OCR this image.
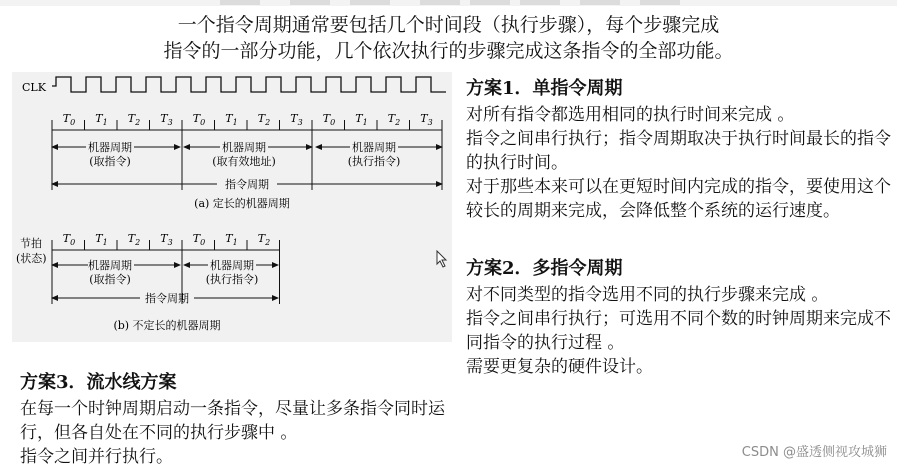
一个指令周期通常要包括几个时间段（执行步骤），每个步骤完成
指令的一部分功能，几个依次执行的步骤完成这条指令的全部功能。
CLK
$T_0$ $T_1$ $T_2$ $T_3$ $T_0$ $T_1$ $T_2$ $T_3$ $T_0$ $T_1$ $T_2$ $T_3$
机器周期
(取指令)
机器周期
(取有效地址)
机器周期
(执行指令)
指令周期
(a) 定长的机器周期
节拍
(状态)
$T_0$ $T_1$ $T_2$ $T_3$ $T_0$ $T_1$ $T_2$
机器周期
(取指令)
机器周期
(执行指令)
指令周期
(b) 不定长的机器周期
方案1．单指令周期

对所有指令都选用相同的执行时间来完成 。

指令之间串行执行；指令周期取决于执行时间最长的指令的执行时间。

对于那些本来可以在更短时间内完成的指令，要使用这个较长的周期来完成，会降低整个系统的运行速度。

方案2．多指令周期

对不同类型的指令选用不同的执行步骤来完成 。

指令之间串行执行；可选用不同个数的时钟周期来完成不同指令的执行过程 。

需要更复杂的硬件设计。

方案3．流水线方案

在每一个时钟周期启动一条指令，尽量让多条指令同时运行，但各自处在不同的执行步骤中 。

指令之间并行执行。	CSDN @盛透侧视攻城狮
